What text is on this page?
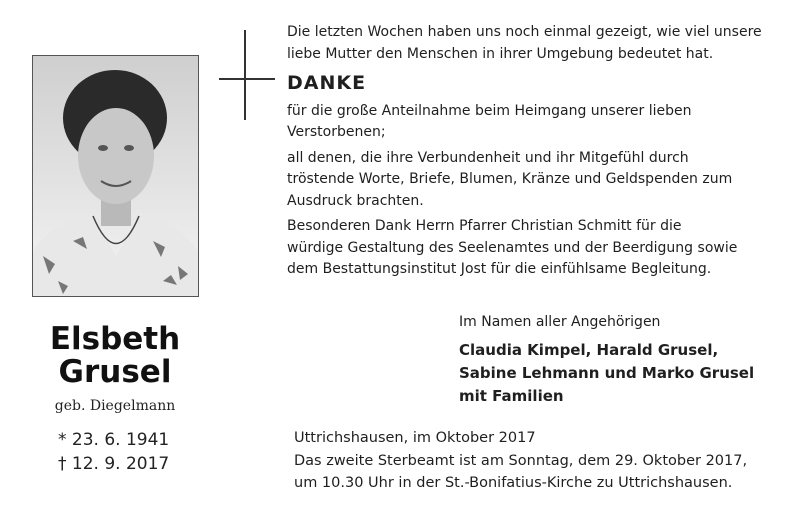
Elsbeth
Grusel
geb. Diegelmann
* 23. 6. 1941
† 12. 9. 2017

Die letzten Wochen haben uns noch einmal gezeigt, wie viel unsere

liebe Mutter den Menschen in ihrer Umgebung bedeutet hat.

DANKE

für die große Anteilnahme beim Heimgang unserer lieben

Verstorbenen;

all denen, die ihre Verbundenheit und ihr Mitgefühl durch

tröstende Worte, Briefe, Blumen, Kränze und Geldspenden zum

Ausdruck brachten.

Besonderen Dank Herrn Pfarrer Christian Schmitt für die

würdige Gestaltung des Seelenamtes und der Beerdigung sowie

dem Bestattungsinstitut Jost für die einfühlsame Begleitung.

Im Namen aller Angehörigen
Claudia Kimpel, Harald Grusel,
Sabine Lehmann und Marko Grusel
mit Familien

Uttrichshausen, im Oktober 2017

Das zweite Sterbeamt ist am Sonntag, dem 29. Oktober 2017,

um 10.30 Uhr in der St.-Bonifatius-Kirche zu Uttrichshausen.
